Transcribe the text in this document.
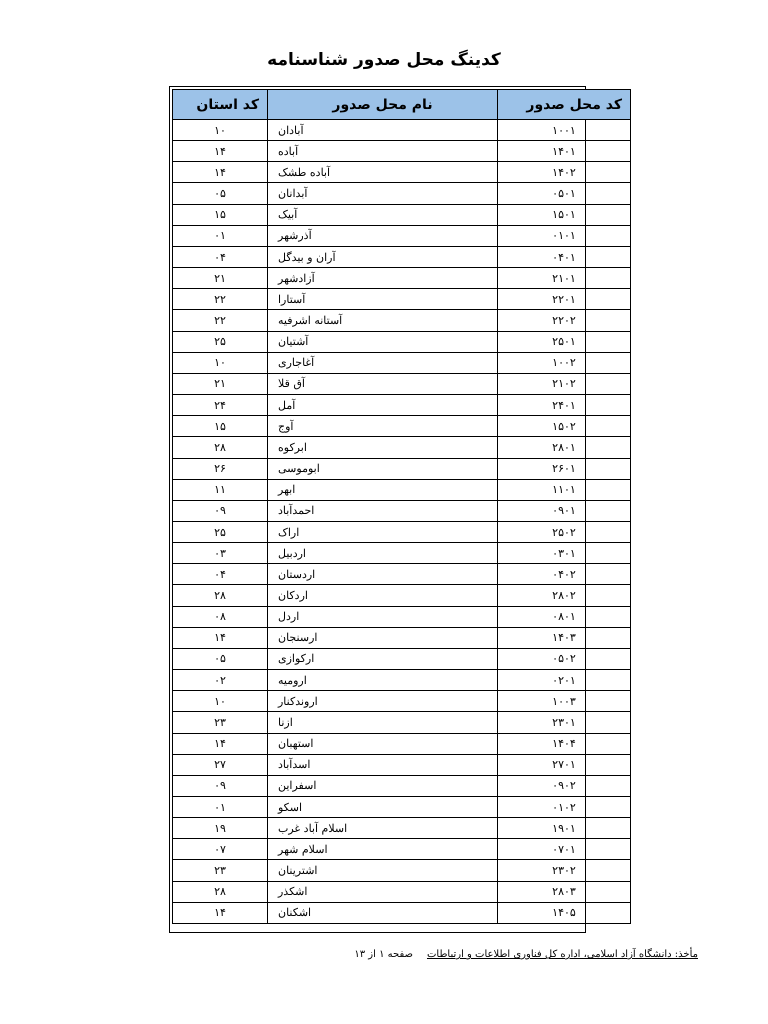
کدینگ محل صدور شناسنامه
کد محل صدور	نام محل صدور	کد استان
۱۰۰۱	آبادان	۱۰
۱۴۰۱	آباده	۱۴
۱۴۰۲	آباده طشک	۱۴
۰۵۰۱	آبدانان	۰۵
۱۵۰۱	آبیک	۱۵
۰۱۰۱	آذرشهر	۰۱
۰۴۰۱	آران و بیدگل	۰۴
۲۱۰۱	آزادشهر	۲۱
۲۲۰۱	آستارا	۲۲
۲۲۰۲	آستانه اشرفیه	۲۲
۲۵۰۱	آشتیان	۲۵
۱۰۰۲	آغاجاری	۱۰
۲۱۰۲	آق قلا	۲۱
۲۴۰۱	آمل	۲۴
۱۵۰۲	آوج	۱۵
۲۸۰۱	ابرکوه	۲۸
۲۶۰۱	ابوموسی	۲۶
۱۱۰۱	ابهر	۱۱
۰۹۰۱	احمدآباد	۰۹
۲۵۰۲	اراک	۲۵
۰۳۰۱	اردبیل	۰۳
۰۴۰۲	اردستان	۰۴
۲۸۰۲	اردکان	۲۸
۰۸۰۱	اردل	۰۸
۱۴۰۳	ارسنجان	۱۴
۰۵۰۲	ارکوازی	۰۵
۰۲۰۱	ارومیه	۰۲
۱۰۰۳	اروندکنار	۱۰
۲۳۰۱	ازنا	۲۳
۱۴۰۴	استهبان	۱۴
۲۷۰۱	اسدآباد	۲۷
۰۹۰۲	اسفراین	۰۹
۰۱۰۲	اسکو	۰۱
۱۹۰۱	اسلام آباد غرب	۱۹
۰۷۰۱	اسلام شهر	۰۷
۲۳۰۲	اشترینان	۲۳
۲۸۰۳	اشکذر	۲۸
۱۴۰۵	اشکنان	۱۴
مأخذ: دانشگاه آزاد اسلامی، اداره کل فناوری اطلاعات و ارتباطات
صفحه ۱ از ۱۳
